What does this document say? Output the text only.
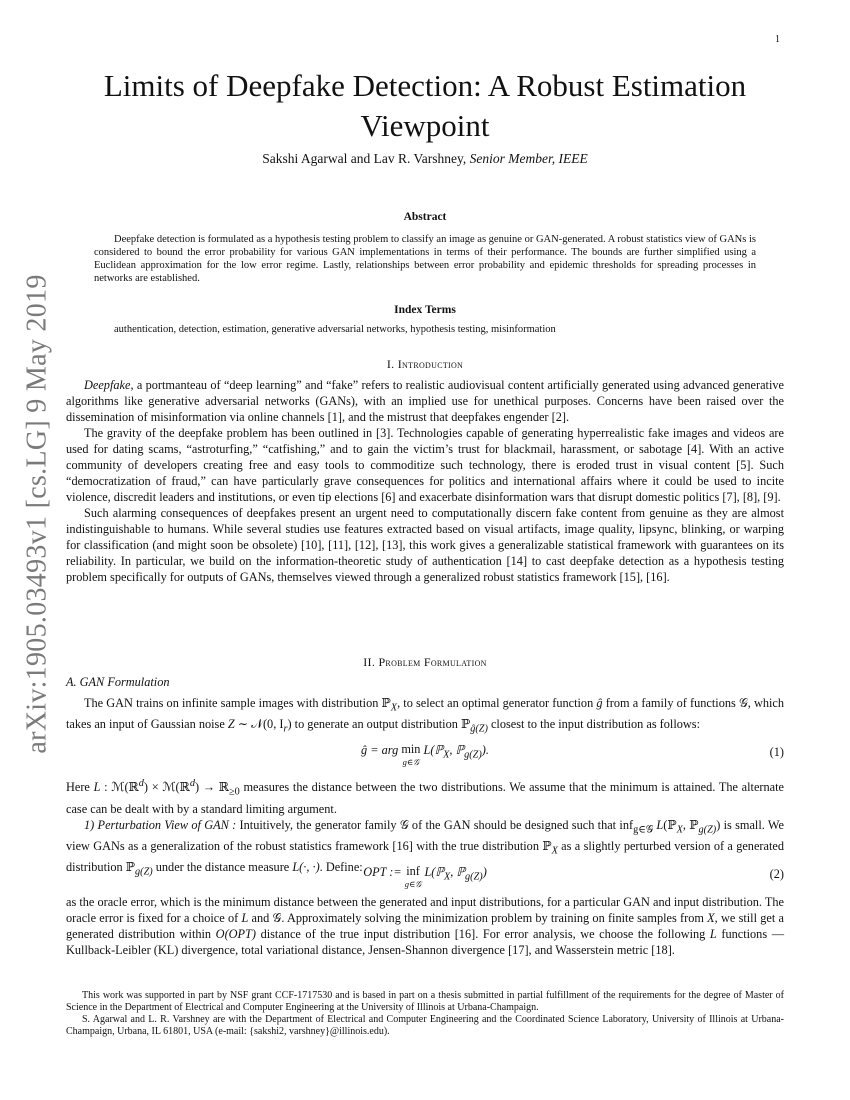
1
arXiv:1905.03493v1 [cs.LG] 9 May 2019
Limits of Deepfake Detection: A Robust Estimation Viewpoint
Sakshi Agarwal and Lav R. Varshney, Senior Member, IEEE
Abstract

Deepfake detection is formulated as a hypothesis testing problem to classify an image as genuine or GAN-generated. A robust statistics view of GANs is considered to bound the error probability for various GAN implementations in terms of their performance. The bounds are further simplified using a Euclidean approximation for the low error regime. Lastly, relationships between error probability and epidemic thresholds for spreading processes in networks are established.

Index Terms

authentication, detection, estimation, generative adversarial networks, hypothesis testing, misinformation

I. Introduction

Deepfake, a portmanteau of “deep learning” and “fake” refers to realistic audiovisual content artificially generated using advanced generative algorithms like generative adversarial networks (GANs), with an implied use for unethical purposes. Concerns have been raised over the dissemination of misinformation via online channels [1], and the mistrust that deepfakes engender [2].

The gravity of the deepfake problem has been outlined in [3]. Technologies capable of generating hyperrealistic fake images and videos are used for dating scams, “astroturfing,” “catfishing,” and to gain the victim’s trust for blackmail, harassment, or sabotage [4]. With an active community of developers creating free and easy tools to commoditize such technology, there is eroded trust in visual content [5]. Such “democratization of fraud,” can have particularly grave consequences for politics and international affairs where it could be used to incite violence, discredit leaders and institutions, or even tip elections [6] and exacerbate disinformation wars that disrupt domestic politics [7], [8], [9].

Such alarming consequences of deepfakes present an urgent need to computationally discern fake content from genuine as they are almost indistinguishable to humans. While several studies use features extracted based on visual artifacts, image quality, lipsync, blinking, or warping for classification (and might soon be obsolete) [10], [11], [12], [13], this work gives a generalizable statistical framework with guarantees on its reliability. In particular, we build on the information-theoretic study of authentication [14] to cast deepfake detection as a hypothesis testing problem specifically for outputs of GANs, themselves viewed through a generalized robust statistics framework [15], [16].

II. Problem Formulation
A. GAN Formulation

The GAN trains on infinite sample images with distribution ℙ$_X$, to select an optimal generator function ĝ from a family of functions 𝒢, which takes an input of Gaussian noise Z ∼ 𝒩(0, $I_r$) to generate an output distribution ℙ$_{ĝ(Z)}$ closest to the input distribution as follows:

ĝ = arg min
g∈𝒢
L(ℙ$_X$, ℙ$_{g(Z)}$).	(1)

Here L : ℳ(ℝ$^d$) × ℳ(ℝ$^d$) → ℝ$_{\ge 0}$ measures the distance between the two distributions. We assume that the minimum is attained. The alternate case can be dealt with by a standard limiting argument.

1) Perturbation View of GAN : Intuitively, the generator family 𝒢 of the GAN should be designed such that inf$_{g\in 𝒢}$ L(ℙ$_X$, ℙ$_{g(Z)}$) is small. We view GANs as a generalization of the robust statistics framework [16] with the true distribution ℙ$_X$ as a slightly perturbed version of a generated distribution ℙ$_{g(Z)}$ under the distance measure L(·, ·). Define: OPT := inf
g∈𝒢
L(ℙ$_X$, ℙ$_{g(Z)}$)	(2)

as the oracle error, which is the minimum distance between the generated and input distributions, for a particular GAN and input distribution. The oracle error is fixed for a choice of L and 𝒢. Approximately solving the minimization problem by training on finite samples from X, we still get a generated distribution within O(OPT) distance of the true input distribution [16]. For error analysis, we choose the following L functions — Kullback-Leibler (KL) divergence, total variational distance, Jensen-Shannon divergence [17], and Wasserstein metric [18].

This work was supported in part by NSF grant CCF-1717530 and is based in part on a thesis submitted in partial fulfillment of the requirements for the degree of Master of Science in the Department of Electrical and Computer Engineering at the University of Illinois at Urbana-Champaign.

S. Agarwal and L. R. Varshney are with the Department of Electrical and Computer Engineering and the Coordinated Science Laboratory, University of Illinois at Urbana-Champaign, Urbana, IL 61801, USA (e-mail: {sakshi2, varshney}@illinois.edu).
